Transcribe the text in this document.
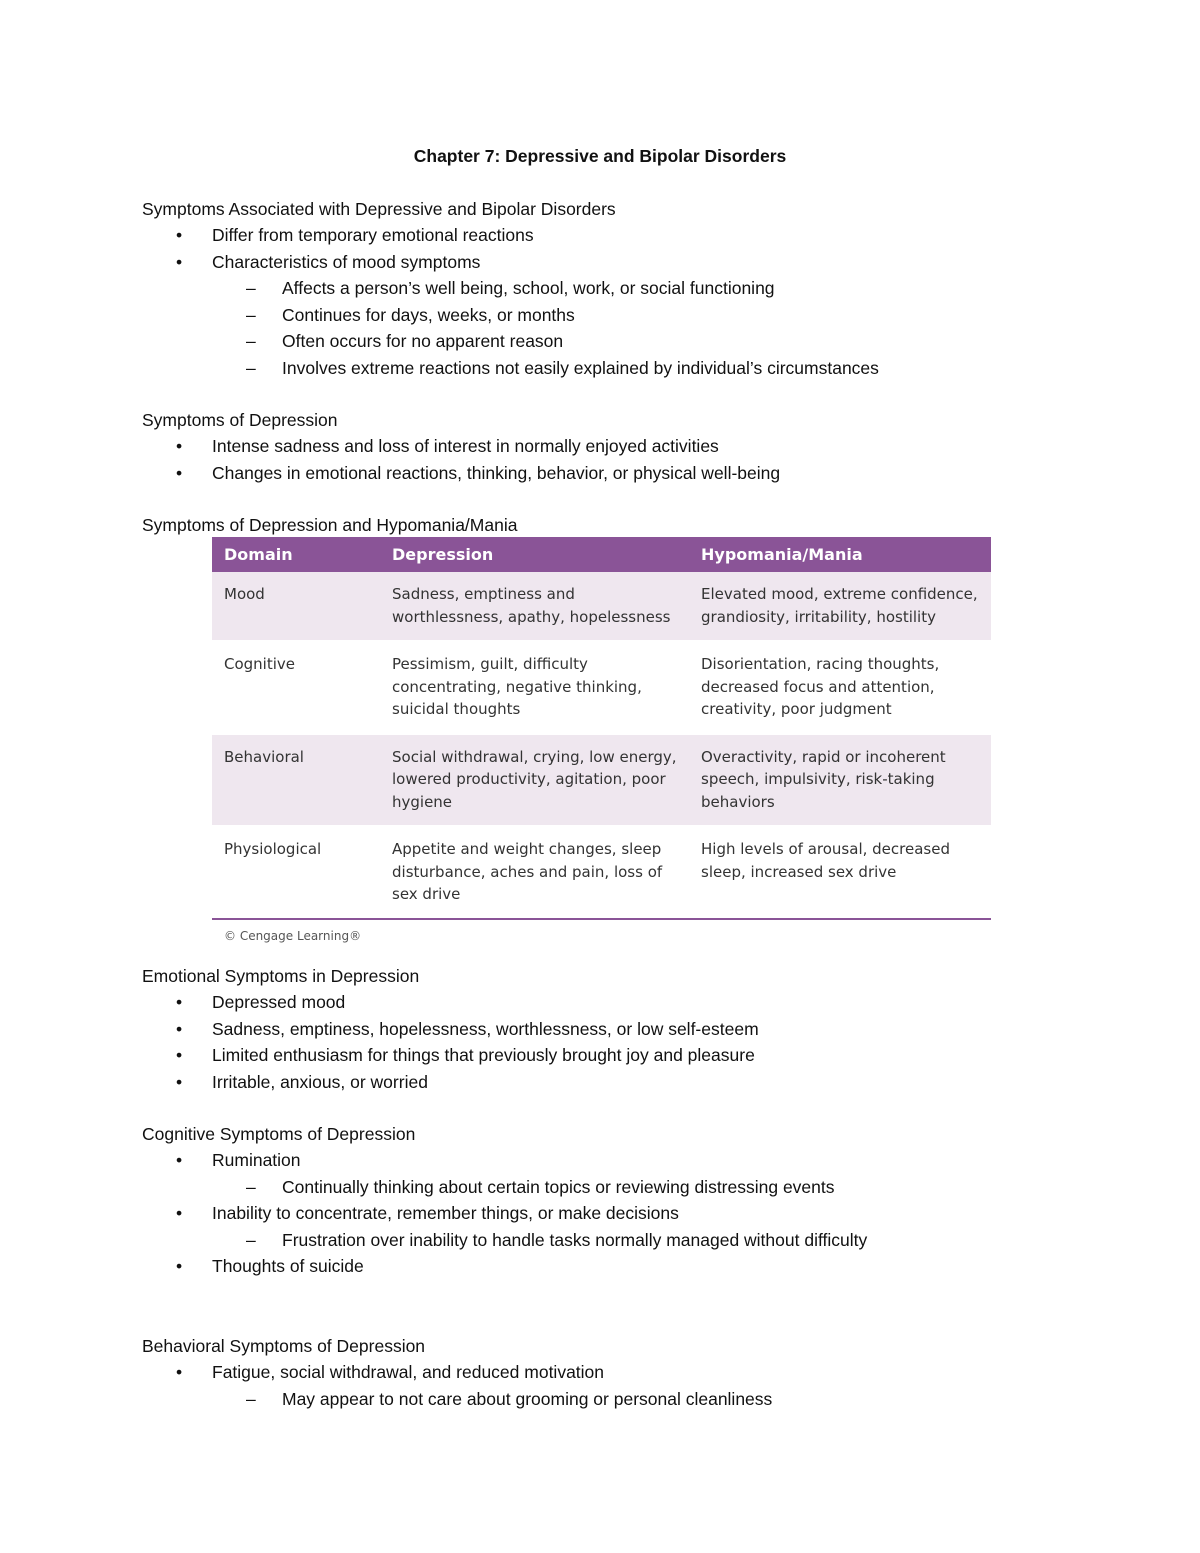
Chapter 7: Depressive and Bipolar Disorders
Symptoms Associated with Depressive and Bipolar Disorders
• Differ from temporary emotional reactions
• Characteristics of mood symptoms
– Affects a person’s well being, school, work, or social functioning
– Continues for days, weeks, or months
– Often occurs for no apparent reason
– Involves extreme reactions not easily explained by individual’s circumstances
Symptoms of Depression
• Intense sadness and loss of interest in normally enjoyed activities
• Changes in emotional reactions, thinking, behavior, or physical well-being
Symptoms of Depression and Hypomania/Mania
Domain	Depression	Hypomania/Mania
Mood	Sadness, emptiness and worthlessness, apathy, hopelessness	Elevated mood, extreme confidence, grandiosity, irritability, hostility
Cognitive	Pessimism, guilt, difficulty concentrating, negative thinking, suicidal thoughts	Disorientation, racing thoughts, decreased focus and attention, creativity, poor judgment
Behavioral	Social withdrawal, crying, low energy, lowered productivity, agitation, poor hygiene	Overactivity, rapid or incoherent speech, impulsivity, risk-taking behaviors
Physiological	Appetite and weight changes, sleep disturbance, aches and pain, loss of sex drive	High levels of arousal, decreased sleep, increased sex drive
© Cengage Learning®
Emotional Symptoms in Depression
• Depressed mood
• Sadness, emptiness, hopelessness, worthlessness, or low self-esteem
• Limited enthusiasm for things that previously brought joy and pleasure
• Irritable, anxious, or worried
Cognitive Symptoms of Depression
• Rumination
– Continually thinking about certain topics or reviewing distressing events
• Inability to concentrate, remember things, or make decisions
– Frustration over inability to handle tasks normally managed without difficulty
• Thoughts of suicide
Behavioral Symptoms of Depression
• Fatigue, social withdrawal, and reduced motivation
– May appear to not care about grooming or personal cleanliness
